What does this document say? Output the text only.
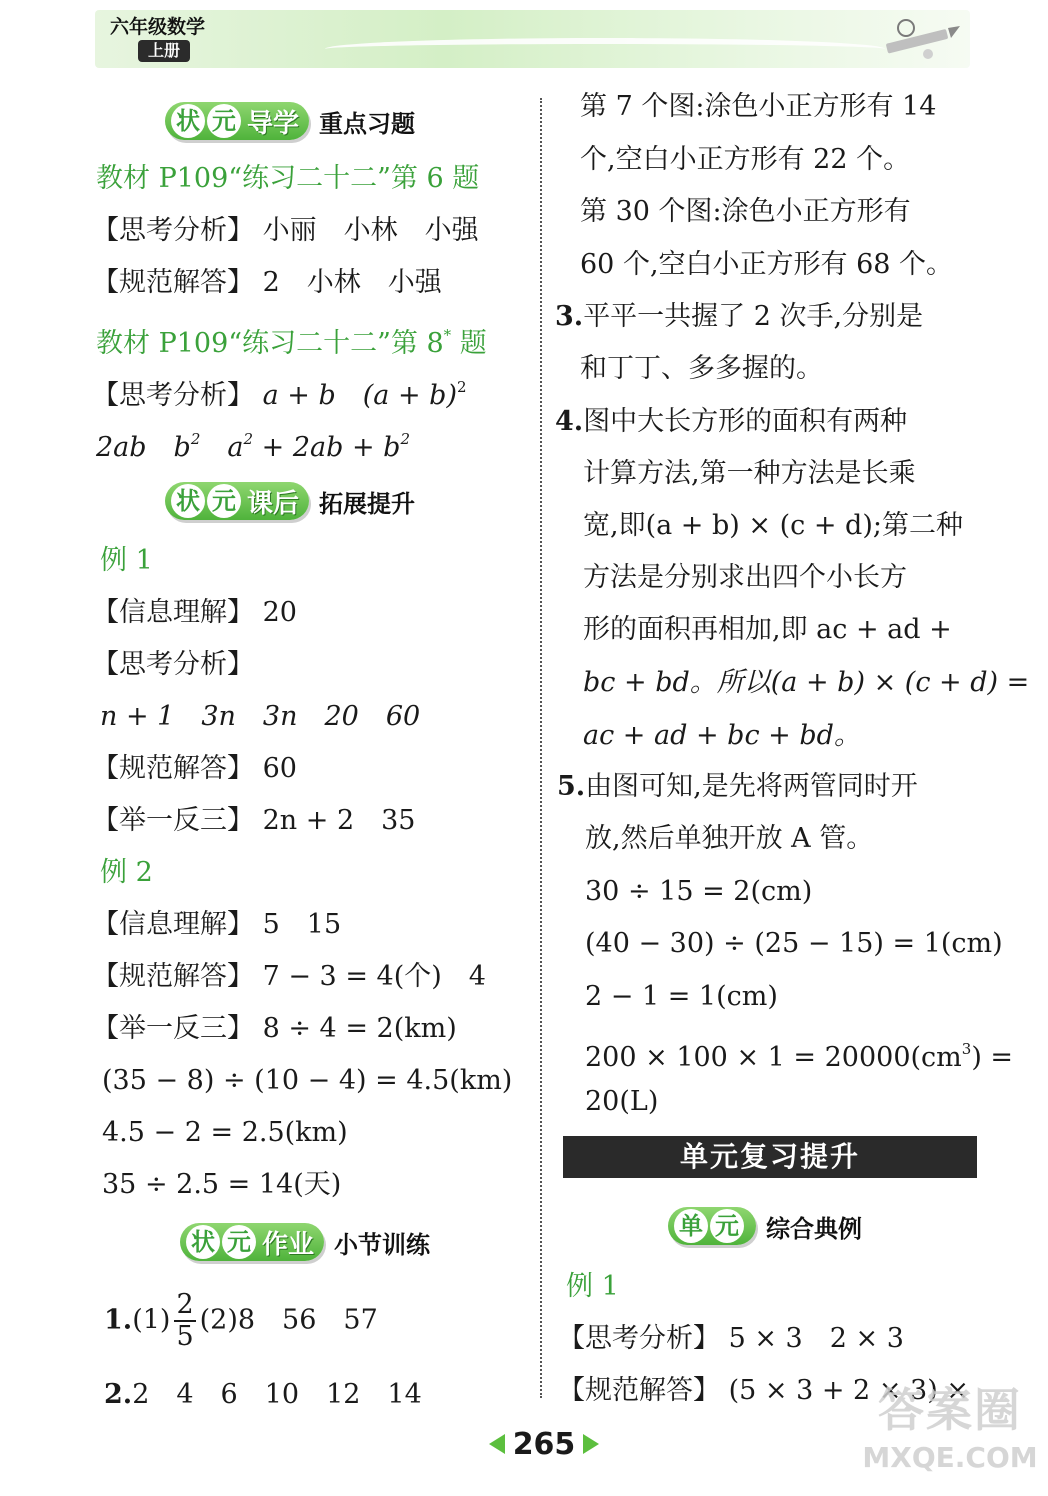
六年级数学
上册
状 元 导学 重点习题
教材 P109“练习二十二”第 6 题
【思考分析】 小丽　小林　小强
【规范解答】 2　小林　小强
教材 P109“练习二十二”第 8* 题
【思考分析】 a + b　$(a + b)^2$
2ab　$b^2$　$a^2 + 2ab + b^2$
状 元 课后 拓展提升
例 1
【信息理解】 20
【思考分析】
n + 1　3n　3n　20　60
【规范解答】 60
【举一反三】 2n + 2　35
例 2
【信息理解】 5　15
【规范解答】 7 − 3 = 4(个)　4
【举一反三】 8 ÷ 4 = 2(km)
(35 − 8) ÷ (10 − 4) = 4.5(km)
4.5 − 2 = 2.5(km)
35 ÷ 2.5 = 14(天)
状 元 作业 小节训练
$1.(1) \frac{2}{5} (2)8$　56　57
2.2　4　6　10　12　14
第 7 个图:涂色小正方形有 14
个,空白小正方形有 22 个。
第 30 个图:涂色小正方形有
60 个,空白小正方形有 68 个。
3.平平一共握了 2 次手,分别是
和丁丁、多多握的。
4.图中大长方形的面积有两种
计算方法,第一种方法是长乘
宽,即(a + b) × (c + d);第二种
方法是分别求出四个小长方
形的面积再相加,即 ac + ad +
bc + bd。所以(a + b) × (c + d) =
ac + ad + bc + bd。
5.由图可知,是先将两管同时开
放,然后单独开放 A 管。
30 ÷ 15 = 2(cm)
(40 − 30) ÷ (25 − 15) = 1(cm)
2 − 1 = 1(cm)
$200 \times 100 \times 1 = 20000(cm^3)$ =
20(L)
单元复习提升
单 元 综合典例
例 1
【思考分析】 5 × 3　2 × 3
【规范解答】 (5 × 3 + 2 × 3) ×
265
答案圈
MXQE.COM
